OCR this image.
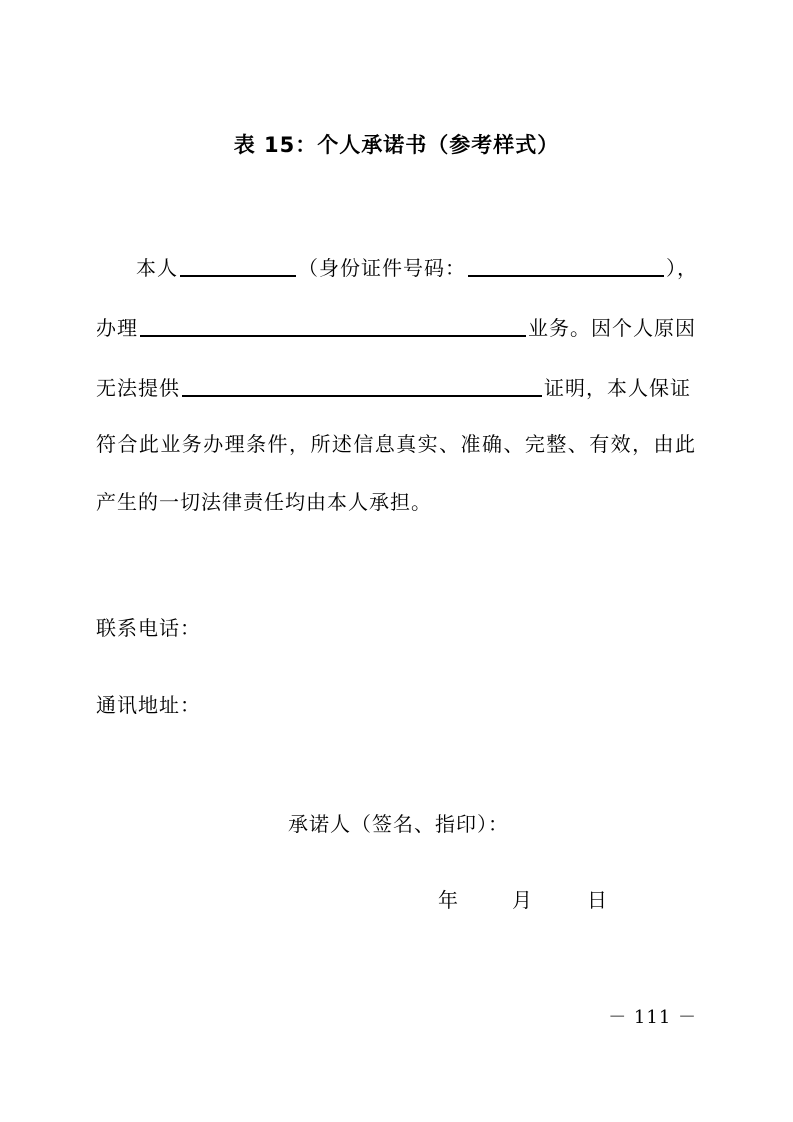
表 15：个人承诺书（参考样式）
本人	（身份证件号码：	），
办理	业务。因个人原因
无法提供	证明，本人保证
符合此业务办理条件，所述信息真实、准确、完整、有效，由此
产生的一切法律责任均由本人承担。
联系电话：
通讯地址：
承诺人（签名、指印）：
年	月	日
－ 111 －
